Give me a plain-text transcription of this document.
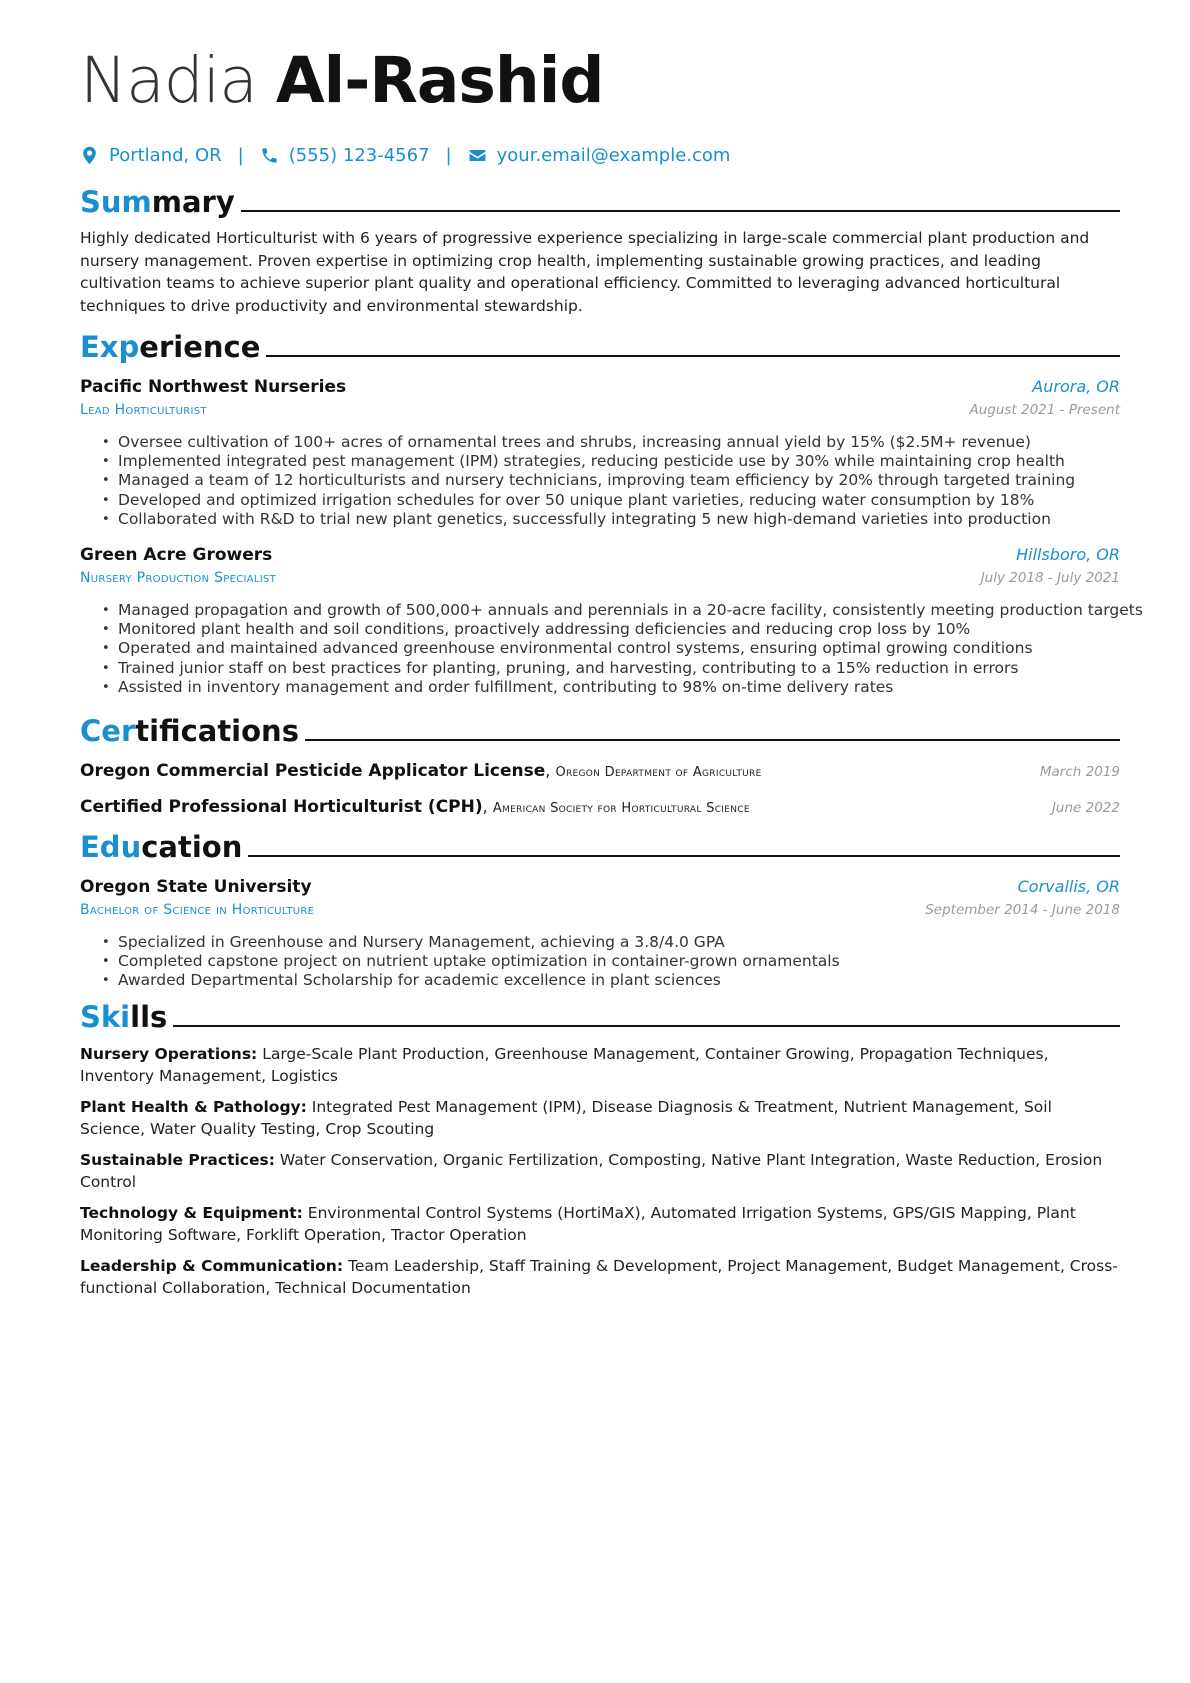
Nadia Al-Rashid
Portland, OR |	(555) 123-4567 |	your.email@example.com
Summary
Highly dedicated Horticulturist with 6 years of progressive experience specializing in large-scale commercial plant production and nursery management. Proven expertise in optimizing crop health, implementing sustainable growing practices, and leading cultivation teams to achieve superior plant quality and operational efficiency. Committed to leveraging advanced horticultural techniques to drive productivity and environmental stewardship.
Experience
Pacific Northwest Nurseries	Aurora, OR
Lead Horticulturist	August 2021 - Present
• Oversee cultivation of 100+ acres of ornamental trees and shrubs, increasing annual yield by 15% ($2.5M+ revenue)
• Implemented integrated pest management (IPM) strategies, reducing pesticide use by 30% while maintaining crop health
• Managed a team of 12 horticulturists and nursery technicians, improving team efficiency by 20% through targeted training
• Developed and optimized irrigation schedules for over 50 unique plant varieties, reducing water consumption by 18%
• Collaborated with R&D to trial new plant genetics, successfully integrating 5 new high-demand varieties into production
Green Acre Growers	Hillsboro, OR
Nursery Production Specialist	July 2018 - July 2021
• Managed propagation and growth of 500,000+ annuals and perennials in a 20-acre facility, consistently meeting production targets
• Monitored plant health and soil conditions, proactively addressing deficiencies and reducing crop loss by 10%
• Operated and maintained advanced greenhouse environmental control systems, ensuring optimal growing conditions
• Trained junior staff on best practices for planting, pruning, and harvesting, contributing to a 15% reduction in errors
• Assisted in inventory management and order fulfillment, contributing to 98% on-time delivery rates
Certifications
Oregon Commercial Pesticide Applicator License, Oregon Department of Agriculture	March 2019
Certified Professional Horticulturist (CPH), American Society for Horticultural Science	June 2022
Education
Oregon State University	Corvallis, OR
Bachelor of Science in Horticulture	September 2014 - June 2018
• Specialized in Greenhouse and Nursery Management, achieving a 3.8/4.0 GPA
• Completed capstone project on nutrient uptake optimization in container-grown ornamentals
• Awarded Departmental Scholarship for academic excellence in plant sciences
Skills
Nursery Operations: Large-Scale Plant Production, Greenhouse Management, Container Growing, Propagation Techniques, Inventory Management, Logistics
Plant Health & Pathology: Integrated Pest Management (IPM), Disease Diagnosis & Treatment, Nutrient Management, Soil Science, Water Quality Testing, Crop Scouting
Sustainable Practices: Water Conservation, Organic Fertilization, Composting, Native Plant Integration, Waste Reduction, Erosion Control
Technology & Equipment: Environmental Control Systems (HortiMaX), Automated Irrigation Systems, GPS/GIS Mapping, Plant Monitoring Software, Forklift Operation, Tractor Operation
Leadership & Communication: Team Leadership, Staff Training & Development, Project Management, Budget Management, Cross-functional Collaboration, Technical Documentation
